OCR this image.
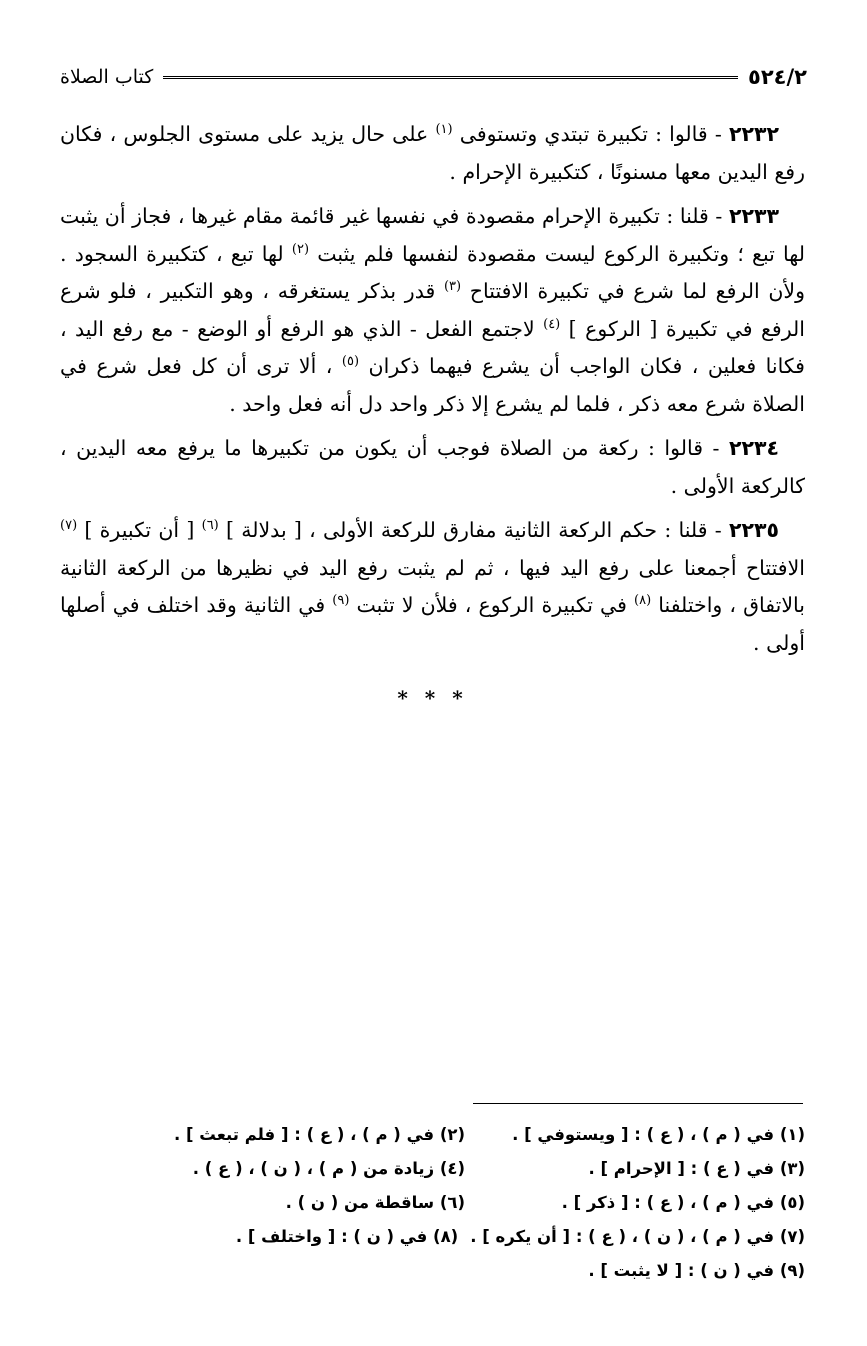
٥٢٤/٢
كتاب الصلاة

٢٢٣٢ - قالوا : تكبيرة تبتدي وتستوفى $^{(١)}$ على حال يزيد على مستوى الجلوس ، فكان رفع اليدين معها مسنونًا ، كتكبيرة الإحرام .

٢٢٣٣ - قلنا : تكبيرة الإحرام مقصودة في نفسها غير قائمة مقام غيرها ، فجاز أن يثبت لها تبع ؛ وتكبيرة الركوع ليست مقصودة لنفسها فلم يثبت $^{(٢)}$ لها تبع ، كتكبيرة السجود . ولأن الرفع لما شرع في تكبيرة الافتتاح $^{(٣)}$ قدر بذكر يستغرقه ، وهو التكبير ، فلو شرع الرفع في تكبيرة [ الركوع ] $^{(٤)}$ لاجتمع الفعل - الذي هو الرفع أو الوضع - مع رفع اليد ، فكانا فعلين ، فكان الواجب أن يشرع فيهما ذكران $^{(٥)}$ ، ألا ترى أن كل فعل شرع في الصلاة شرع معه ذكر ، فلما لم يشرع إلا ذكر واحد دل أنه فعل واحد .

٢٢٣٤ - قالوا : ركعة من الصلاة فوجب أن يكون من تكبيرها ما يرفع معه اليدين ، كالركعة الأولى .

٢٢٣٥ - قلنا : حكم الركعة الثانية مفارق للركعة الأولى ، [ بدلالة ] $^{(٦)}$ [ أن تكبيرة ] $^{(٧)}$ الافتتاح أجمعنا على رفع اليد فيها ، ثم لم يثبت رفع اليد في نظيرها من الركعة الثانية بالاتفاق ، واختلفنا $^{(٨)}$ في تكبيرة الركوع ، فلأن لا تثبت $^{(٩)}$ في الثانية وقد اختلف في أصلها أولى .

* * *
(١) في ( م ) ، ( ع ) : [ ويستوفي ] .
(٢) في ( م ) ، ( ع ) : [ فلم تبعث ] .
(٣) في ( ع ) : [ الإحرام ] .
(٤) زيادة من ( م ) ، ( ن ) ، ( ع ) .
(٥) في ( م ) ، ( ع ) : [ ذكر ] .
(٦) ساقطة من ( ن ) .
(٧) في ( م ) ، ( ن ) ، ( ع ) : [ أن يكره ] .
(٨) في ( ن ) : [ واختلف ] .
(٩) في ( ن ) : [ لا يثبت ] .
